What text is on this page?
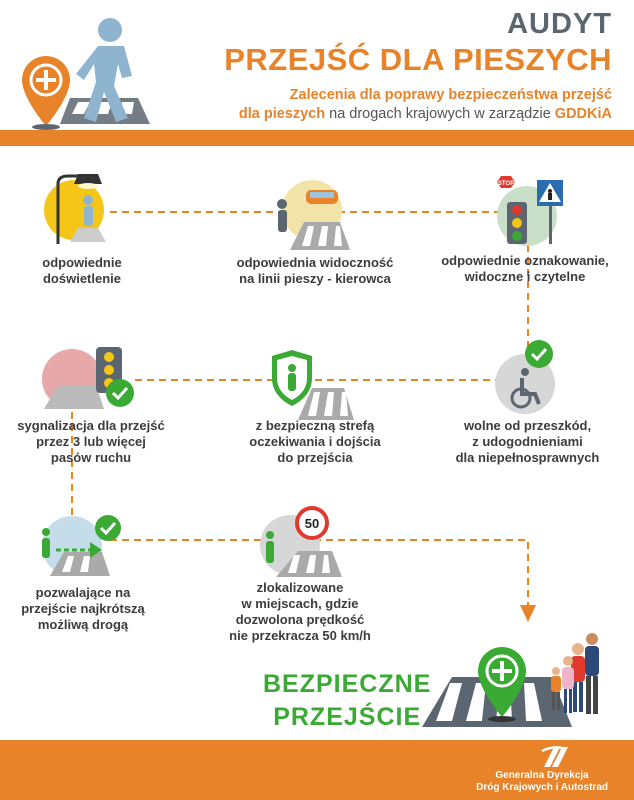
AUDYT
PRZEJŚĆ DLA PIESZYCH
Zalecenia dla poprawy bezpieczeństwa przejść
dla pieszych na drogach krajowych w zarządzie GDDKiA
STOP
odpowiednie
doświetlenie
odpowiednia widoczność
na linii pieszy - kierowca
odpowiednie oznakowanie,
widoczne i czytelne
sygnalizacja dla przejść
przez 3 lub więcej
pasów ruchu
z bezpieczną strefą
oczekiwania i dojścia
do przejścia
wolne od przeszkód,
z udogodnieniami
dla niepełnosprawnych
50
pozwalające na
przejście najkrótszą
możliwą drogą
zlokalizowane
w miejscach, gdzie
dozwolona prędkość
nie przekracza 50 km/h
BEZPIECZNE
PRZEJŚCIE
Generalna Dyrekcja
Dróg Krajowych i Autostrad
